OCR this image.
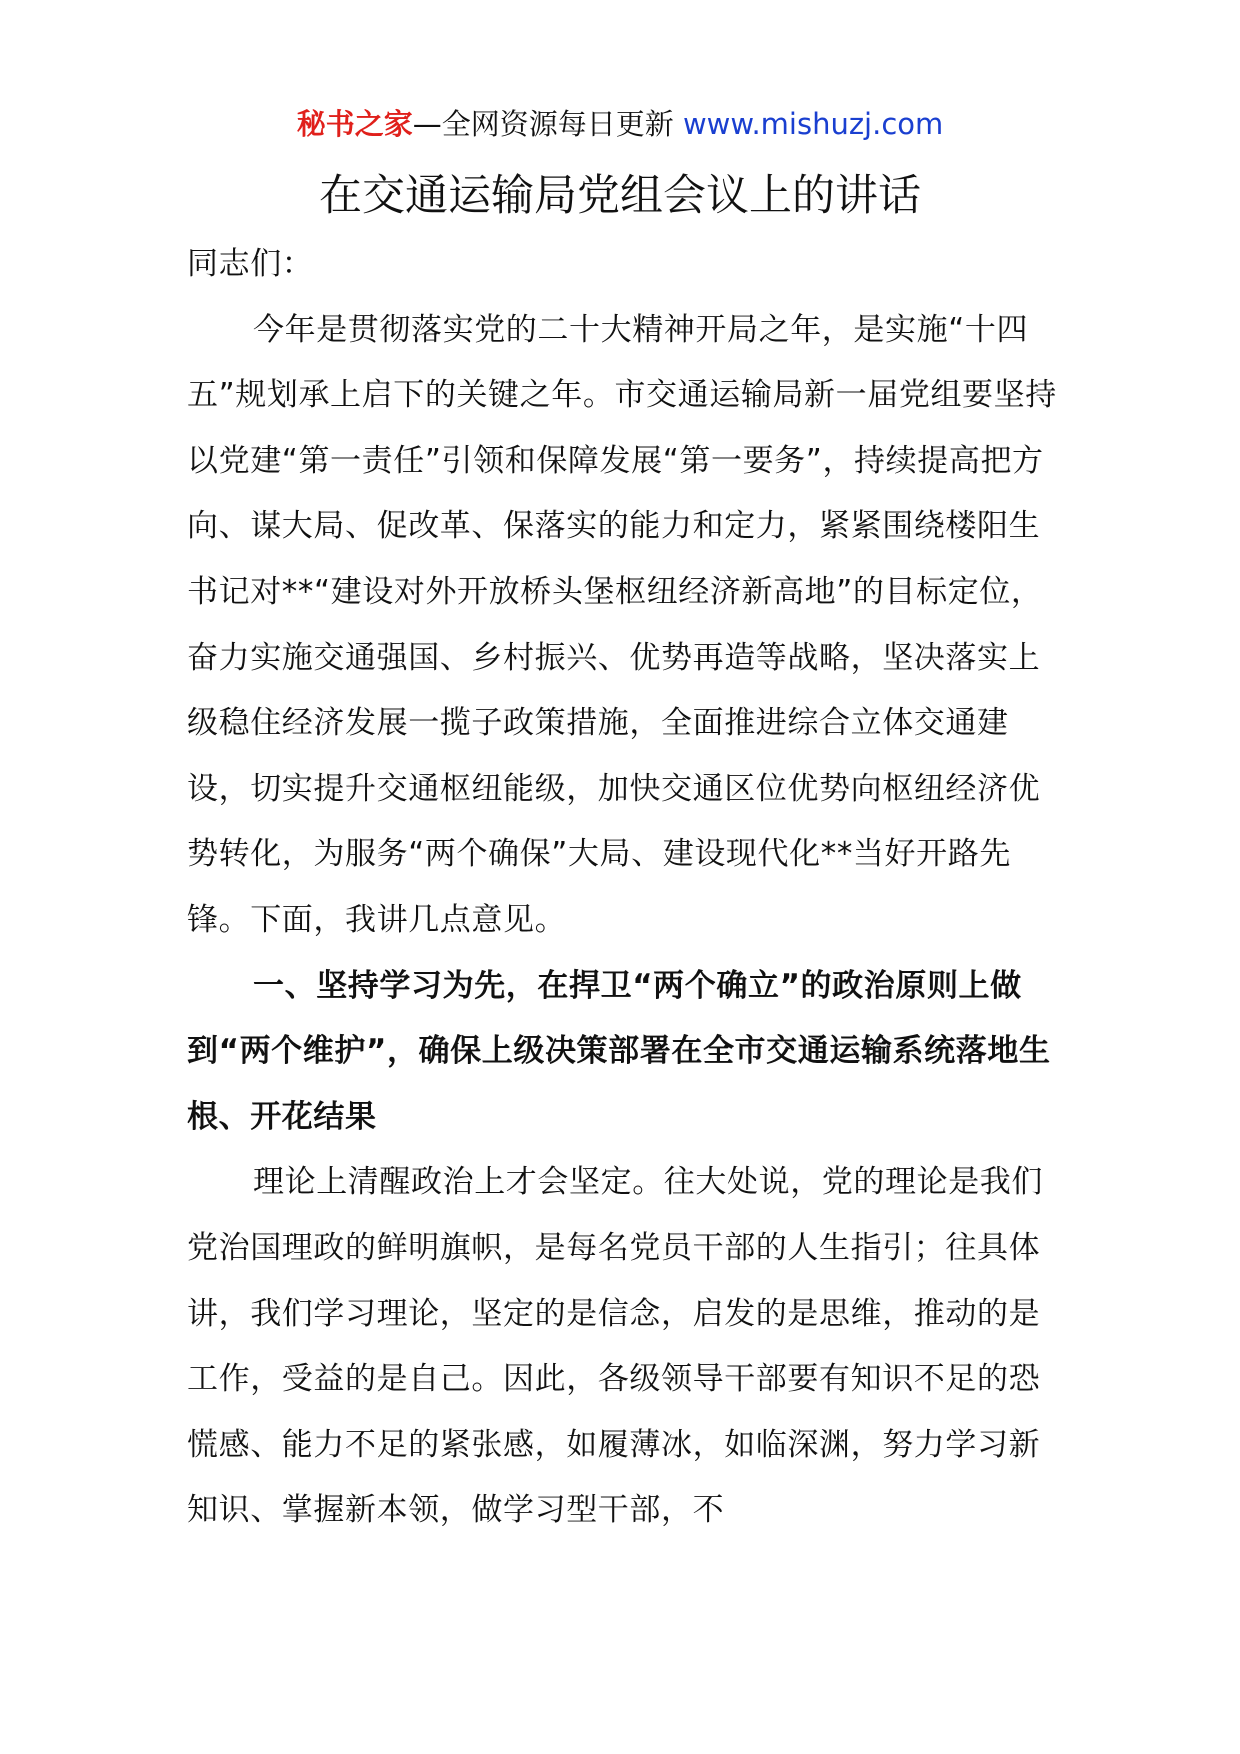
秘书之家—全网资源每日更新 www.mishuzj.com
在交通运输局党组会议上的讲话

同志们：

今年是贯彻落实党的二十大精神开局之年，是实施“十四五”规划承上启下的关键之年。市交通运输局新一届党组要坚持以党建“第一责任”引领和保障发展“第一要务”，持续提高把方向、谋大局、促改革、保落实的能力和定力，紧紧围绕楼阳生书记对**“建设对外开放桥头堡枢纽经济新高地”的目标定位，奋力实施交通强国、乡村振兴、优势再造等战略，坚决落实上级稳住经济发展一揽子政策措施，全面推进综合立体交通建设，切实提升交通枢纽能级，加快交通区位优势向枢纽经济优势转化，为服务“两个确保”大局、建设现代化**当好开路先锋。下面，我讲几点意见。

一、坚持学习为先，在捍卫“两个确立”的政治原则上做到“两个维护”，确保上级决策部署在全市交通运输系统落地生根、开花结果

理论上清醒政治上才会坚定。往大处说，党的理论是我们党治国理政的鲜明旗帜，是每名党员干部的人生指引；往具体讲，我们学习理论，坚定的是信念，启发的是思维，推动的是工作，受益的是自己。因此，各级领导干部要有知识不足的恐慌感、能力不足的紧张感，如履薄冰，如临深渊，努力学习新知识、掌握新本领，做学习型干部，不
